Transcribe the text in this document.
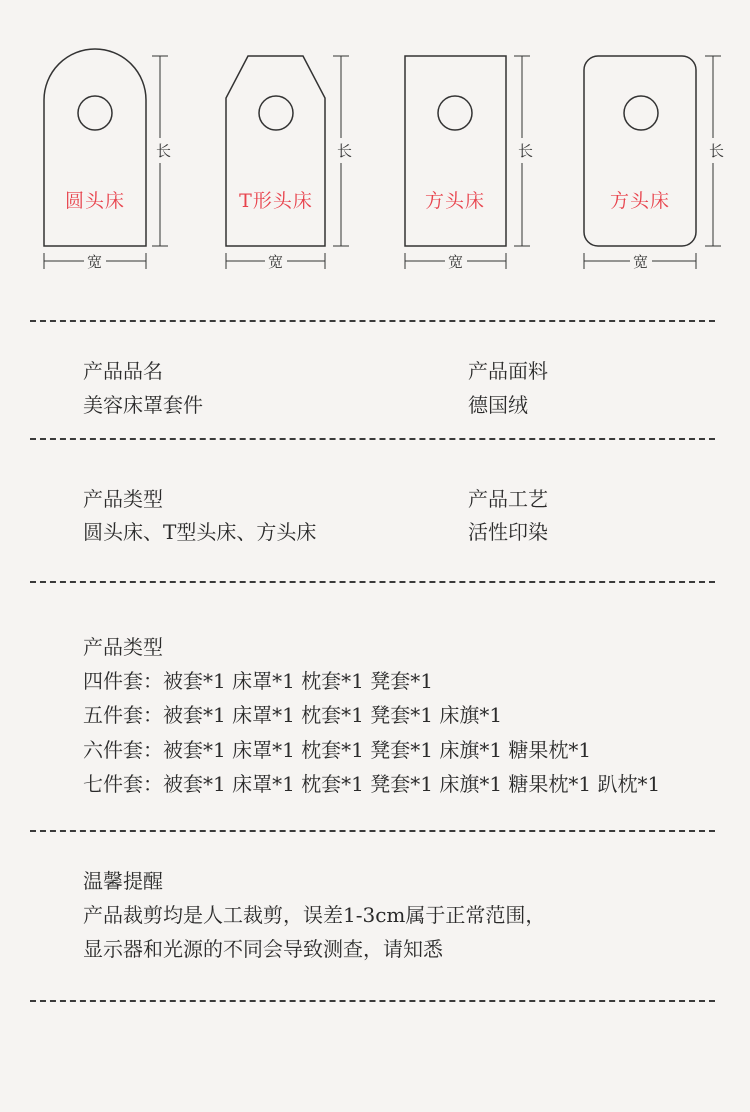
圆头床	T形头床	方头床	方头床
长	长	长	长
宽	宽	宽	宽
产品品名
美容床罩套件
产品面料
德国绒
产品类型
圆头床、T型头床、方头床
产品工艺
活性印染
产品类型
四件套：被套*1 床罩*1 枕套*1 凳套*1
五件套：被套*1 床罩*1 枕套*1 凳套*1 床旗*1
六件套：被套*1 床罩*1 枕套*1 凳套*1 床旗*1 糖果枕*1
七件套：被套*1 床罩*1 枕套*1 凳套*1 床旗*1 糖果枕*1 趴枕*1
温馨提醒
产品裁剪均是人工裁剪，误差1-3cm属于正常范围，
显示器和光源的不同会导致测查，请知悉
